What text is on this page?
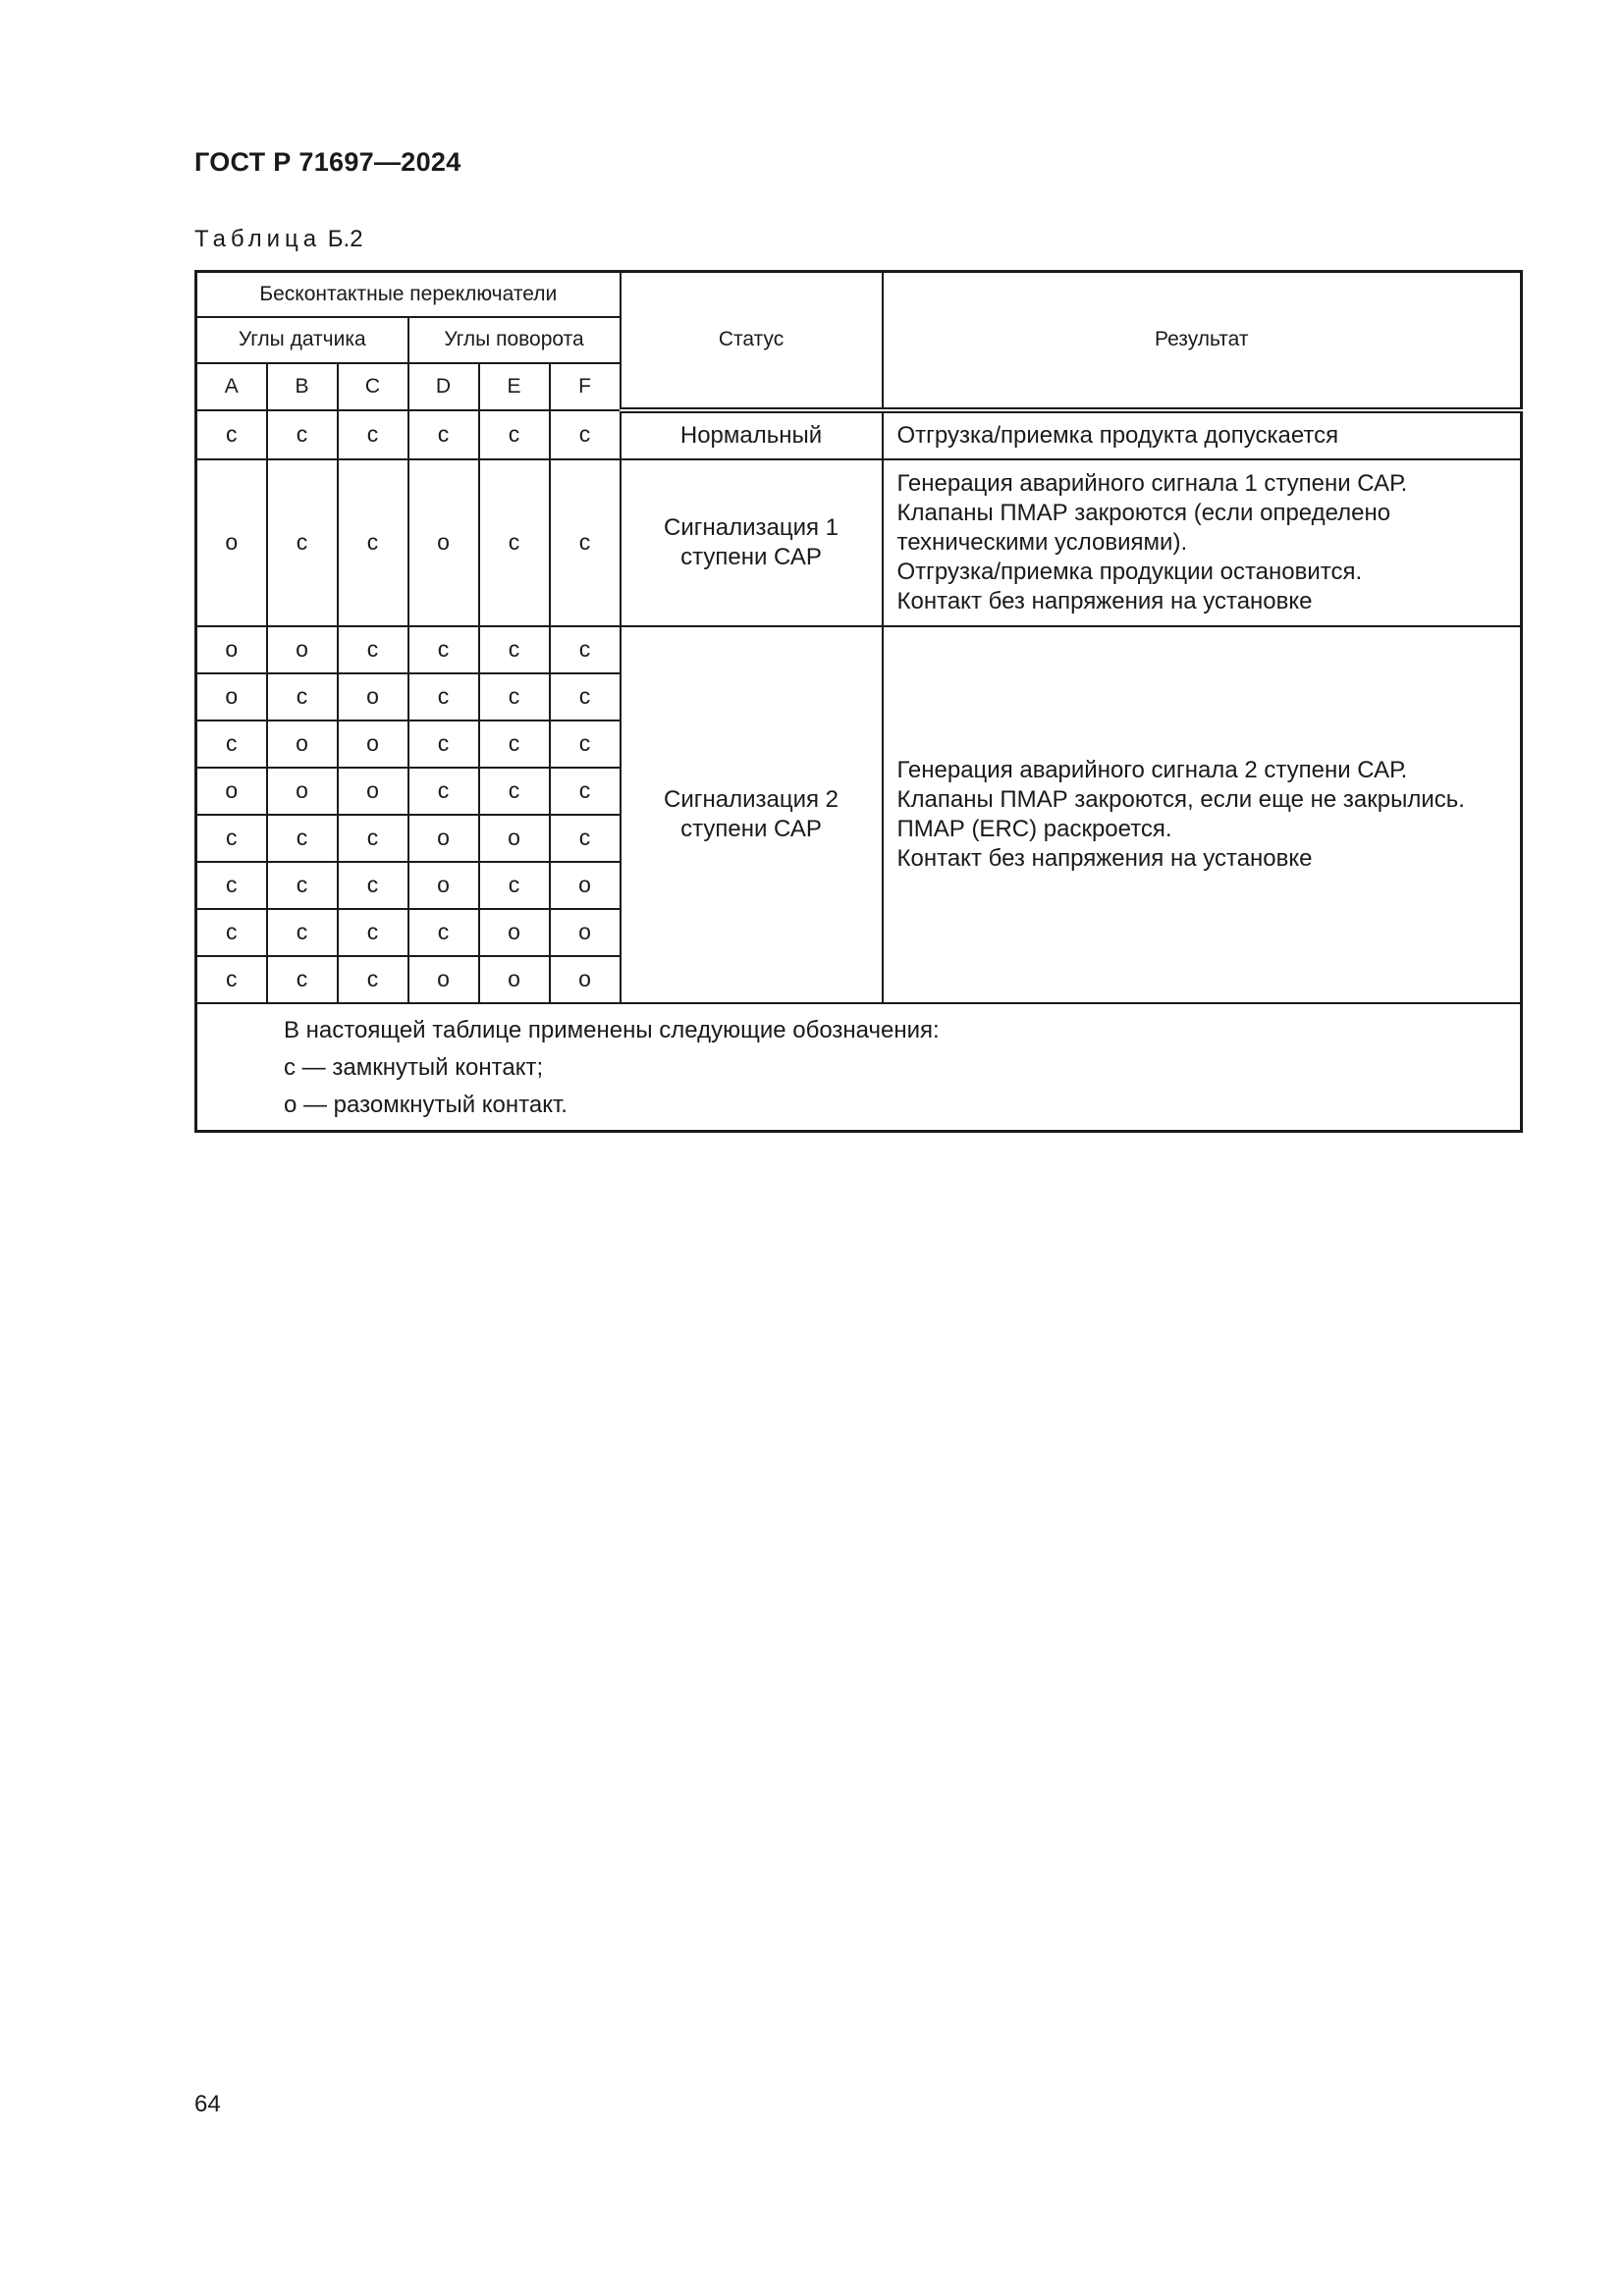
ГОСТ Р 71697—2024
Таблица Б.2
Бесконтактные переключатели						Статус	Результат
Углы датчика			Углы поворота				
A	B	C	D	E	F		
c	c	c	c	c	c	Нормальный	Отгрузка/приемка продукта допускается
o	c	c	o	c	c	Сигнализация 1 ступени САР	Генерация аварийного сигнала 1 ступени САР.
Клапаны ПМАР закроются (если определено техническими условиями).
Отгрузка/приемка продукции остановится.
Контакт без напряжения на установке

o	o	c	c	c	c	Сигнализация 2 ступени САР	Генерация аварийного сигнала 2 ступени САР.
Клапаны ПМАР закроются, если еще не закрылись.
ПМАР (ERC) раскроется.
Контакт без напряжения на установке

o	c	o	c	c	c		
c	o	o	c	c	c		
o	o	o	c	c	c		
c	c	c	o	o	c		
c	c	c	o	c	o		
c	c	c	c	o	o		
c	c	c	o	o	o		

В настоящей таблице применены следующие обозначения:
с — замкнутый контакт;
о — разомкнутый контакт.							
64
